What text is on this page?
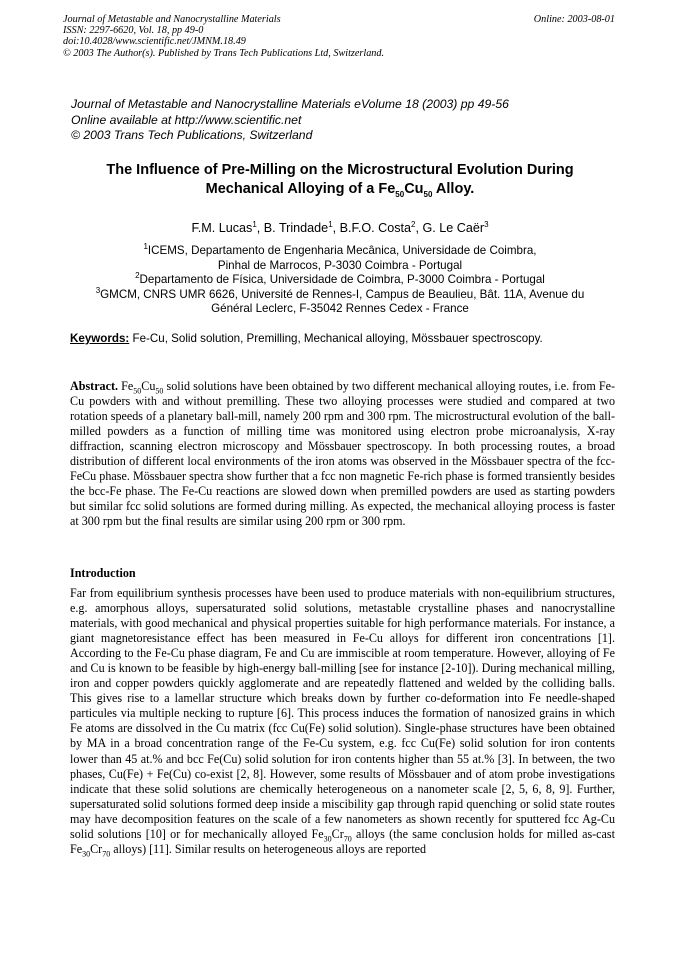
Journal of Metastable and Nanocrystalline Materials
ISSN: 2297-6620, Vol. 18, pp 49-0
doi:10.4028/www.scientific.net/JMNM.18.49
© 2003 The Author(s). Published by Trans Tech Publications Ltd, Switzerland.
Online: 2003-08-01
Journal of Metastable and Nanocrystalline Materials eVolume 18 (2003) pp 49-56
Online available at http://www.scientific.net
© 2003 Trans Tech Publications, Switzerland
The Influence of Pre-Milling on the Microstructural Evolution During
Mechanical Alloying of a $Fe_{50}Cu_{50}$ Alloy.
F.M. Lucas$^1$, B. Trindade$^1$, B.F.O. Costa$^2$, G. Le Caër$^3$
$^1$ICEMS, Departamento de Engenharia Mecânica, Universidade de Coimbra,
Pinhal de Marrocos, P-3030 Coimbra - Portugal
$^2$Departamento de Física, Universidade de Coimbra, P-3000 Coimbra - Portugal
$^3$GMCM, CNRS UMR 6626, Université de Rennes-I, Campus de Beaulieu, Bât. 11A, Avenue du
Général Leclerc, F-35042 Rennes Cedex - France
Keywords: Fe-Cu, Solid solution, Premilling, Mechanical alloying, Mössbauer spectroscopy.
Abstract. $Fe_{50}Cu_{50}$ solid solutions have been obtained by two different mechanical alloying routes, i.e. from Fe-Cu powders with and without premilling. These two alloying processes were studied and compared at two rotation speeds of a planetary ball-mill, namely 200 rpm and 300 rpm. The microstructural evolution of the ball-milled powders as a function of milling time was monitored using electron probe microanalysis, X-ray diffraction, scanning electron microscopy and Mössbauer spectroscopy. In both processing routes, a broad distribution of different local environments of the iron atoms was observed in the Mössbauer spectra of the fcc-FeCu phase. Mössbauer spectra show further that a fcc non magnetic Fe-rich phase is formed transiently besides the bcc-Fe phase. The Fe-Cu reactions are slowed down when premilled powders are used as starting powders but similar fcc solid solutions are formed during milling. As expected, the mechanical alloying process is faster at 300 rpm but the final results are similar using 200 rpm or 300 rpm.
Introduction
Far from equilibrium synthesis processes have been used to produce materials with non-equilibrium structures, e.g. amorphous alloys, supersaturated solid solutions, metastable crystalline phases and nanocrystalline materials, with good mechanical and physical properties suitable for high performance materials. For instance, a giant magnetoresistance effect has been measured in Fe-Cu alloys for different iron concentrations [1]. According to the Fe-Cu phase diagram, Fe and Cu are immiscible at room temperature. However, alloying of Fe and Cu is known to be feasible by high-energy ball-milling [see for instance [2-10]). During mechanical milling, iron and copper powders quickly agglomerate and are repeatedly flattened and welded by the colliding balls. This gives rise to a lamellar structure which breaks down by further co-deformation into Fe needle-shaped particules via multiple necking to rupture [6]. This process induces the formation of nanosized grains in which Fe atoms are dissolved in the Cu matrix (fcc Cu(Fe) solid solution). Single-phase structures have been obtained by MA in a broad concentration range of the Fe-Cu system, e.g. fcc Cu(Fe) solid solution for iron contents lower than 45 at.% and bcc Fe(Cu) solid solution for iron contents higher than 55 at.% [3]. In between, the two phases, Cu(Fe) + Fe(Cu) co-exist [2, 8]. However, some results of Mössbauer and of atom probe investigations indicate that these solid solutions are chemically heterogeneous on a nanometer scale [2, 5, 6, 8, 9]. Further, supersaturated solid solutions formed deep inside a miscibility gap through rapid quenching or solid state routes may have decomposition features on the scale of a few nanometers as shown recently for sputtered fcc Ag-Cu solid solutions [10] or for mechanically alloyed $Fe_{30}Cr_{70}$ alloys (the same conclusion holds for milled as-cast $Fe_{30}Cr_{70}$ alloys) [11]. Similar results on heterogeneous alloys are reported
